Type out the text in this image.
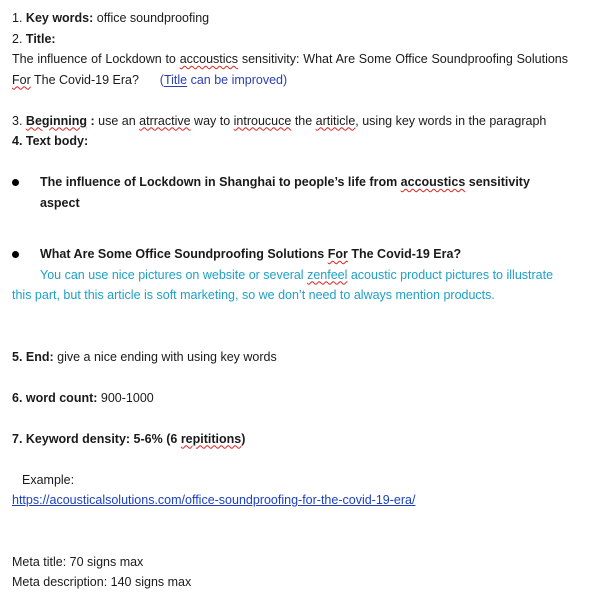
1. Key words: office soundproofing
2. Title:
The influence of Lockdown to accoustics sensitivity: What Are Some Office Soundproofing Solutions For The Covid-19 Era? (Title can be improved)
3. Beginning : use an atrractive way to introucuce the artiticle, using key words in the paragraph
4. Text body:
The influence of Lockdown in Shanghai to people’s life from accoustics sensitivity aspect
What Are Some Office Soundproofing Solutions For The Covid-19 Era?
You can use nice pictures on website or several zenfeel acoustic product pictures to illustrate
this part, but this article is soft marketing, so we don’t need to always mention products.
5. End: give a nice ending with using key words
6. word count: 900-1000
7. Keyword density: 5-6% (6 repititions)
Example:
https://acousticalsolutions.com/office-soundproofing-for-the-covid-19-era/
Meta title: 70 signs max
Meta description: 140 signs max
